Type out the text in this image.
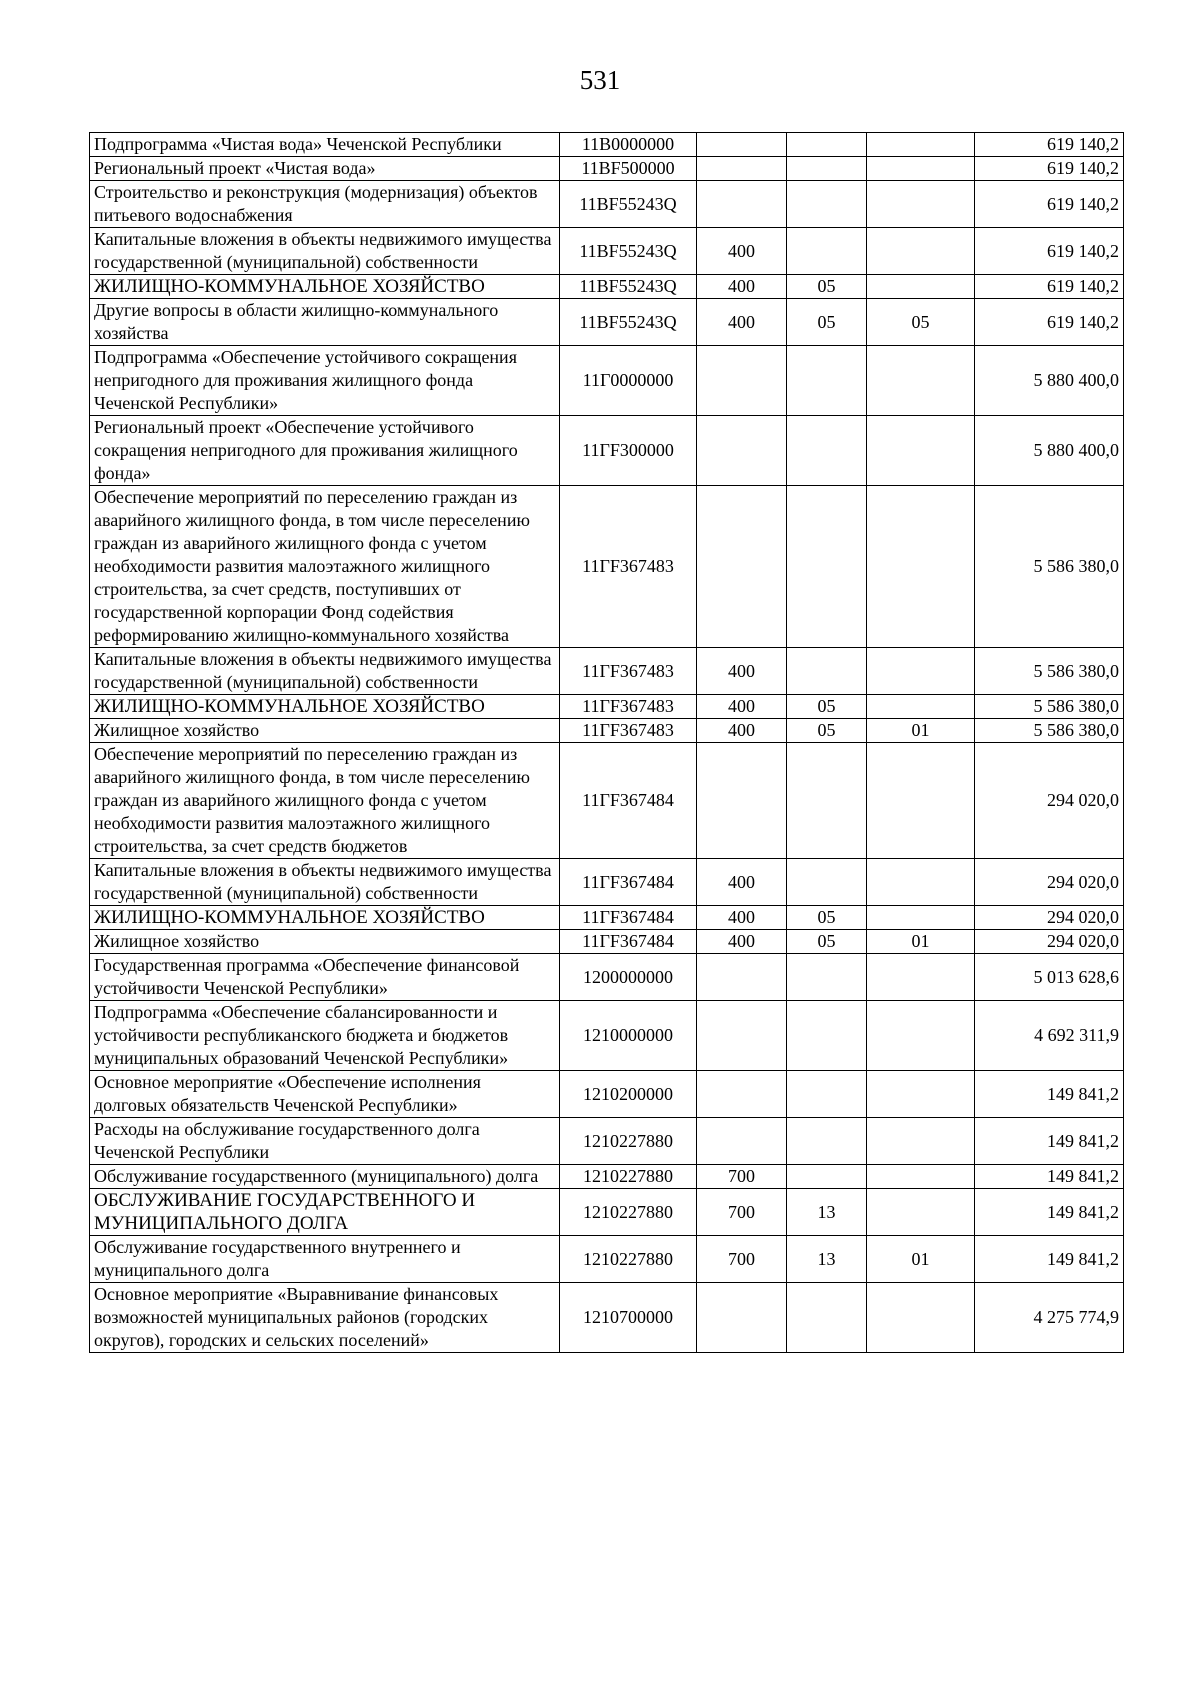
531
Подпрограмма «Чистая вода» Чеченской Республики	11В0000000				619 140,2
Региональный проект «Чистая вода»	11ВF500000				619 140,2
Строительство и реконструкция (модернизация) объектов питьевого водоснабжения	11ВF55243Q				619 140,2
Капитальные вложения в объекты недвижимого имущества государственной (муниципальной) собственности	11ВF55243Q	400			619 140,2
ЖИЛИЩНО-КОММУНАЛЬНОЕ ХОЗЯЙСТВО	11ВF55243Q	400	05		619 140,2
Другие вопросы в области жилищно-коммунального хозяйства	11ВF55243Q	400	05	05	619 140,2
Подпрограмма «Обеспечение устойчивого сокращения непригодного для проживания жилищного фонда Чеченской Республики»	11Г0000000				5 880 400,0
Региональный проект «Обеспечение устойчивого сокращения непригодного для проживания жилищного фонда»	11ГF300000				5 880 400,0
Обеспечение мероприятий по переселению граждан из аварийного жилищного фонда, в том числе переселению граждан из аварийного жилищного фонда с учетом необходимости развития малоэтажного жилищного строительства, за счет средств, поступивших от государственной корпорации Фонд содействия реформированию жилищно-коммунального хозяйства	11ГF367483				5 586 380,0
Капитальные вложения в объекты недвижимого имущества государственной (муниципальной) собственности	11ГF367483	400			5 586 380,0
ЖИЛИЩНО-КОММУНАЛЬНОЕ ХОЗЯЙСТВО	11ГF367483	400	05		5 586 380,0
Жилищное хозяйство	11ГF367483	400	05	01	5 586 380,0
Обеспечение мероприятий по переселению граждан из аварийного жилищного фонда, в том числе переселению граждан из аварийного жилищного фонда с учетом необходимости развития малоэтажного жилищного строительства, за счет средств бюджетов	11ГF367484				294 020,0
Капитальные вложения в объекты недвижимого имущества государственной (муниципальной) собственности	11ГF367484	400			294 020,0
ЖИЛИЩНО-КОММУНАЛЬНОЕ ХОЗЯЙСТВО	11ГF367484	400	05		294 020,0
Жилищное хозяйство	11ГF367484	400	05	01	294 020,0
Государственная программа «Обеспечение финансовой устойчивости Чеченской Республики»	1200000000				5 013 628,6
Подпрограмма «Обеспечение сбалансированности и устойчивости республиканского бюджета и бюджетов муниципальных образований Чеченской Республики»	1210000000				4 692 311,9
Основное мероприятие «Обеспечение исполнения долговых обязательств Чеченской Республики»	1210200000				149 841,2
Расходы на обслуживание государственного долга Чеченской Республики	1210227880				149 841,2
Обслуживание государственного (муниципального) долга	1210227880	700			149 841,2
ОБСЛУЖИВАНИЕ ГОСУДАРСТВЕННОГО И МУНИЦИПАЛЬНОГО ДОЛГА	1210227880	700	13		149 841,2
Обслуживание государственного внутреннего и муниципального долга	1210227880	700	13	01	149 841,2
Основное мероприятие «Выравнивание финансовых возможностей муниципальных районов (городских округов), городских и сельских поселений»	1210700000				4 275 774,9
